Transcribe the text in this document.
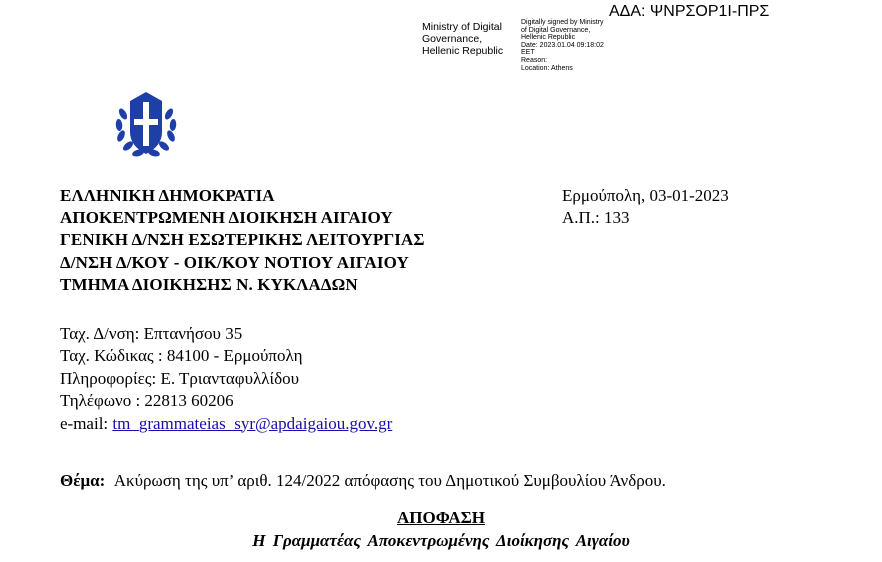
ΑΔΑ: ΨΝΡΣΟΡ1Ι-ΠΡΣ
Ministry of Digital
Governance,
Hellenic Republic
Digitally signed by Ministry
of Digital Governance,
Hellenic Republic
Date: 2023.01.04 09:18:02
EET
Reason:
Location: Athens
ΕΛΛΗΝΙΚΗ ΔΗΜΟΚΡΑΤΙΑ
ΑΠΟΚΕΝΤΡΩΜΕΝΗ ΔΙΟΙΚΗΣΗ ΑΙΓΑΙΟΥ
ΓΕΝΙΚΗ Δ/ΝΣΗ ΕΣΩΤΕΡΙΚΗΣ ΛΕΙΤΟΥΡΓΙΑΣ
Δ/ΝΣΗ Δ/ΚΟΥ - ΟΙΚ/ΚΟΥ ΝΟΤΙΟΥ ΑΙΓΑΙΟΥ
ΤΜΗΜΑ ΔΙΟΙΚΗΣΗΣ Ν. ΚΥΚΛΑΔΩΝ
Ερμούπολη, 03-01-2023
Α.Π.: 133
Ταχ. Δ/νση: Επτανήσου 35
Ταχ. Κώδικας : 84100 - Ερμούπολη
Πληροφορίες: Ε. Τριανταφυλλίδου
Τηλέφωνο : 22813 60206
e-mail: tm_grammateias_syr@apdaigaiou.gov.gr
Θέμα: Ακύρωση της υπ’ αριθ. 124/2022 απόφασης του Δημοτικού Συμβουλίου Άνδρου.
ΑΠΟΦΑΣΗ
Η Γραμματέας Αποκεντρωμένης Διοίκησης Αιγαίου
